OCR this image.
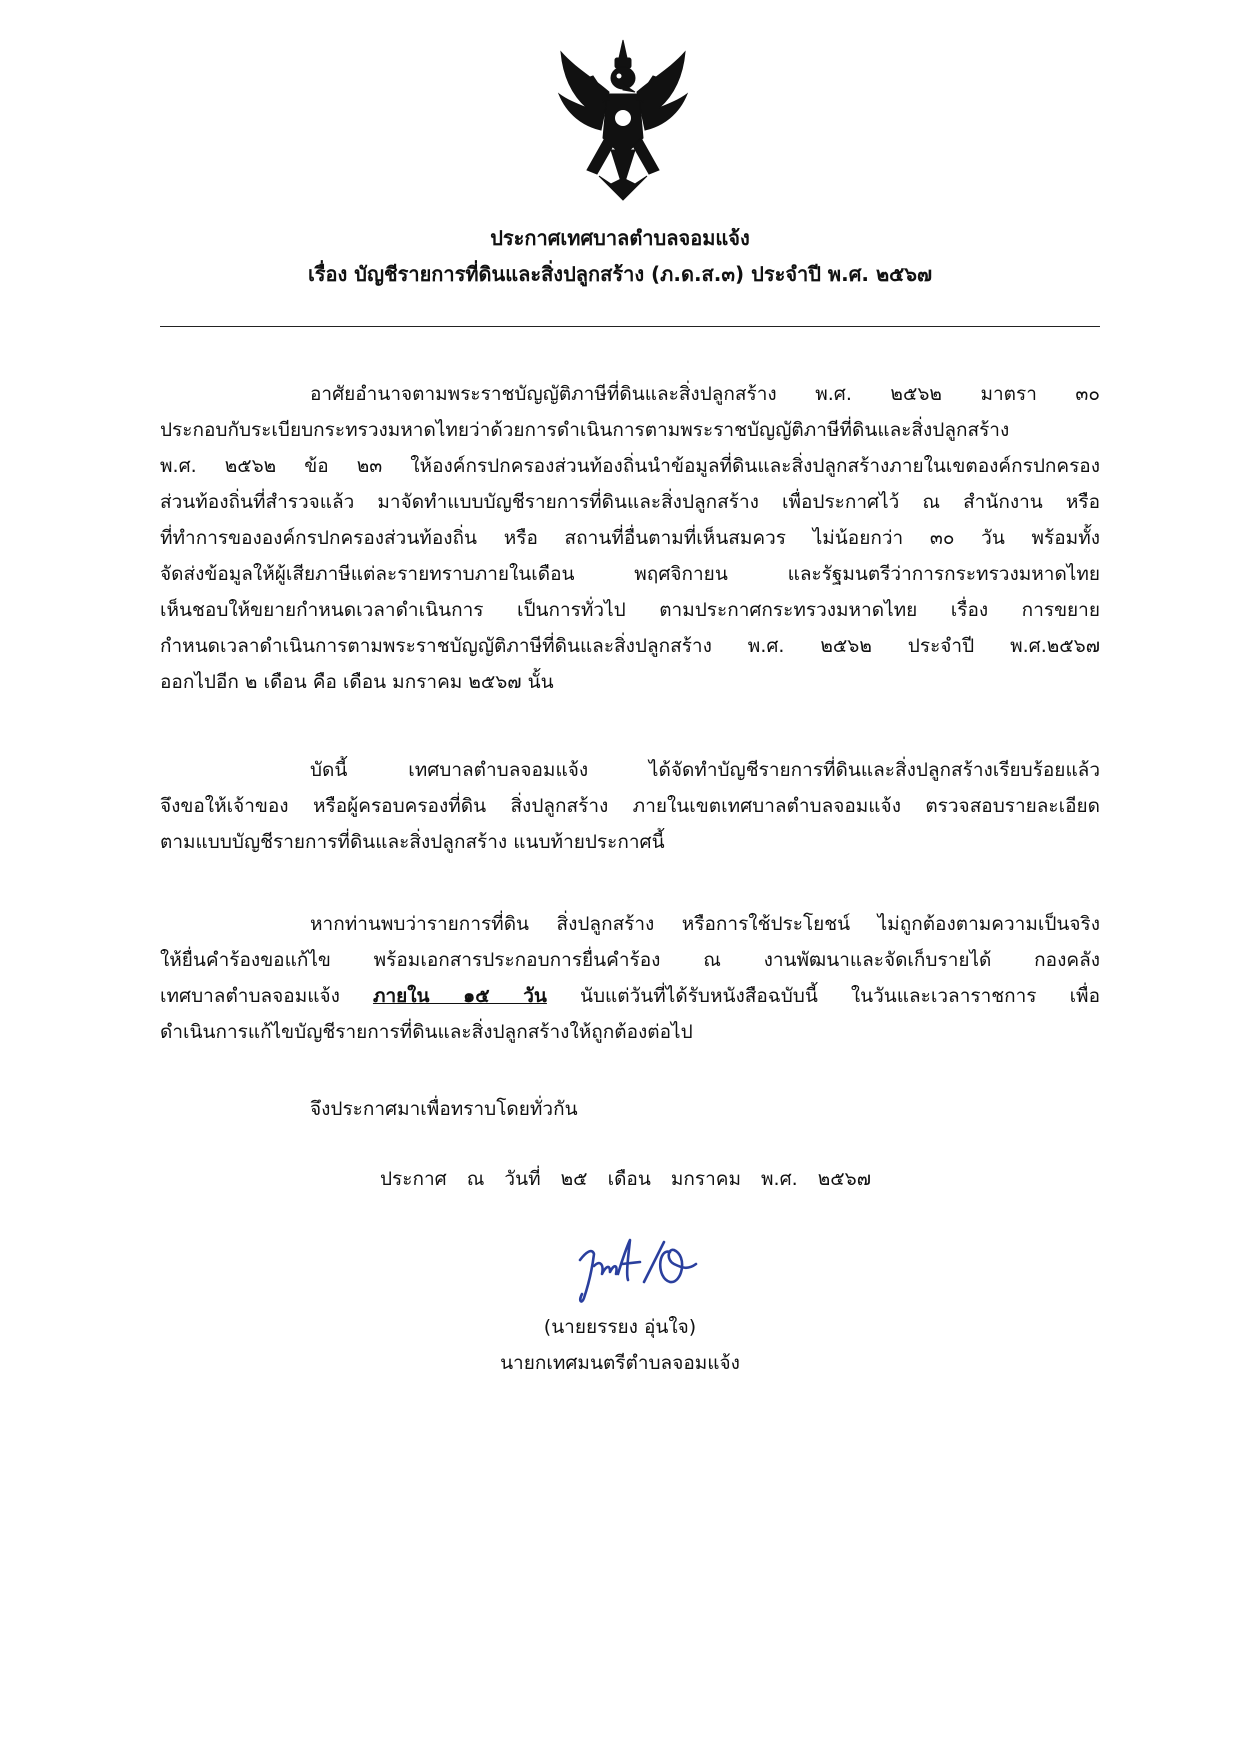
ประกาศเทศบาลตำบลจอมแจ้ง
เรื่อง บัญชีรายการที่ดินและสิ่งปลูกสร้าง (ภ.ด.ส.๓) ประจำปี พ.ศ. ๒๕๖๗
อาศัยอำนาจตามพระราชบัญญัติภาษีที่ดินและสิ่งปลูกสร้าง พ.ศ. ๒๕๖๒ มาตรา ๓๐
ประกอบกับระเบียบกระทรวงมหาดไทยว่าด้วยการดำเนินการตามพระราชบัญญัติภาษีที่ดินและสิ่งปลูกสร้าง
พ.ศ. ๒๕๖๒ ข้อ ๒๓ ให้องค์กรปกครองส่วนท้องถิ่นนำข้อมูลที่ดินและสิ่งปลูกสร้างภายในเขตองค์กรปกครอง
ส่วนท้องถิ่นที่สำรวจแล้ว มาจัดทำแบบบัญชีรายการที่ดินและสิ่งปลูกสร้าง เพื่อประกาศไว้ ณ สำนักงาน หรือ
ที่ทำการขององค์กรปกครองส่วนท้องถิ่น หรือ สถานที่อื่นตามที่เห็นสมควร ไม่น้อยกว่า ๓๐ วัน พร้อมทั้ง
จัดส่งข้อมูลให้ผู้เสียภาษีแต่ละรายทราบภายในเดือน พฤศจิกายน และรัฐมนตรีว่าการกระทรวงมหาดไทย
เห็นชอบให้ขยายกำหนดเวลาดำเนินการ เป็นการทั่วไป ตามประกาศกระทรวงมหาดไทย เรื่อง การขยาย
กำหนดเวลาดำเนินการตามพระราชบัญญัติภาษีที่ดินและสิ่งปลูกสร้าง พ.ศ. ๒๕๖๒ ประจำปี พ.ศ.๒๕๖๗
ออกไปอีก ๒ เดือน คือ เดือน มกราคม ๒๕๖๗ นั้น
บัดนี้ เทศบาลตำบลจอมแจ้ง ได้จัดทำบัญชีรายการที่ดินและสิ่งปลูกสร้างเรียบร้อยแล้ว
จึงขอให้เจ้าของ หรือผู้ครอบครองที่ดิน สิ่งปลูกสร้าง ภายในเขตเทศบาลตำบลจอมแจ้ง ตรวจสอบรายละเอียด
ตามแบบบัญชีรายการที่ดินและสิ่งปลูกสร้าง แนบท้ายประกาศนี้
หากท่านพบว่ารายการที่ดิน สิ่งปลูกสร้าง หรือการใช้ประโยชน์ ไม่ถูกต้องตามความเป็นจริง
ให้ยื่นคำร้องขอแก้ไข พร้อมเอกสารประกอบการยื่นคำร้อง ณ งานพัฒนาและจัดเก็บรายได้ กองคลัง
เทศบาลตำบลจอมแจ้ง ภายใน ๑๕ วัน นับแต่วันที่ได้รับหนังสือฉบับนี้ ในวันและเวลาราชการ เพื่อ
ดำเนินการแก้ไขบัญชีรายการที่ดินและสิ่งปลูกสร้างให้ถูกต้องต่อไป
จึงประกาศมาเพื่อทราบโดยทั่วกัน
ประกาศ ณ วันที่ ๒๕ เดือน มกราคม พ.ศ. ๒๕๖๗
(นายยรรยง อุ่นใจ)
นายกเทศมนตรีตำบลจอมแจ้ง
